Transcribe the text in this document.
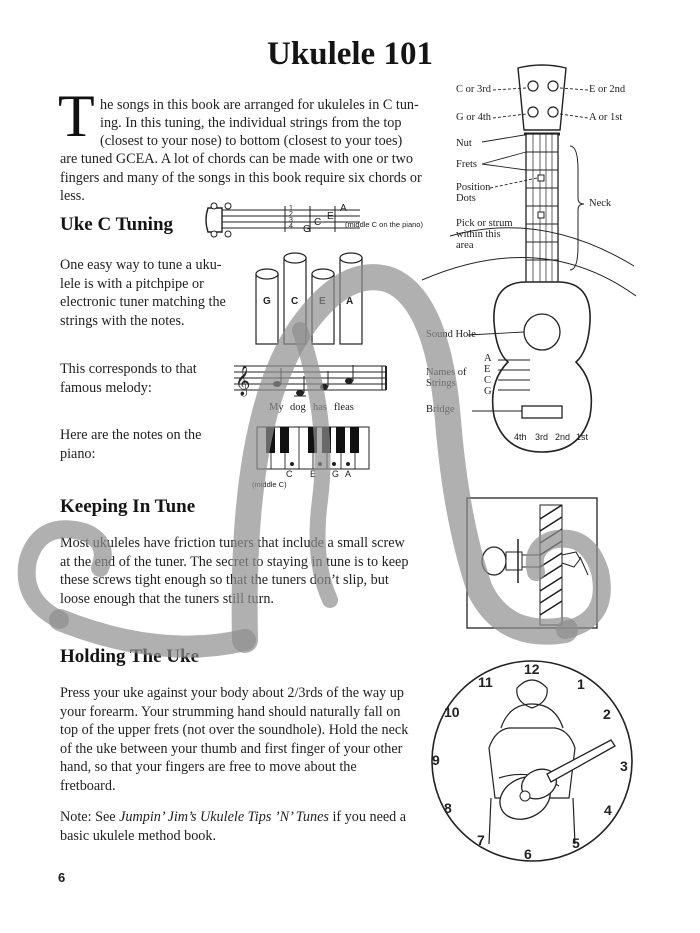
Ukulele 101
T he songs in this book are arranged for ukuleles in C tun-
ing. In this tuning, the individual strings from the top
(closest to your nose) to bottom (closest to your toes)
are tuned GCEA. A lot of chords can be made with one or two fingers and many of the songs in this book require six chords or less.
Uke C Tuning
One easy way to tune a uku-lele is with a pitchpipe or electronic tuner matching the strings with the notes.
This corresponds to that famous melody:
Here are the notes on the piano:
1
2
3
4
A
E
C
G	(middle C on the piano)
G C E A
𝄞
My dog has fleas
C E G A
(middle C)
Keeping In Tune
Most ukuleles have friction tuners that include a small screw at the end of the tuner. The secret to staying in tune is to keep these screws tight enough so that the tuners don’t slip, but loose enough that the tuners still turn.
Holding The Uke
Press your uke against your body about 2/3rds of the way up your forearm. Your strumming hand should naturally fall on top of the upper frets (not over the soundhole). Hold the neck of the uke between your thumb and first finger of your other hand, so that your fingers are free to move about the fretboard.
Note: See Jumpin’ Jim’s Ukulele Tips ’N’ Tunes if you need a basic ukulele method book.
12
1
2
3
4
5
6
7
8
9
10
11
C or 3rd	E or 2nd
G or 4th	A or 1st
Nut
Frets
Position
Dots	Neck
Pick or strum
within this
area
Sound Hole
Names of
Strings
A
E
C
G
Bridge
4th 3rd 2nd 1st
6
